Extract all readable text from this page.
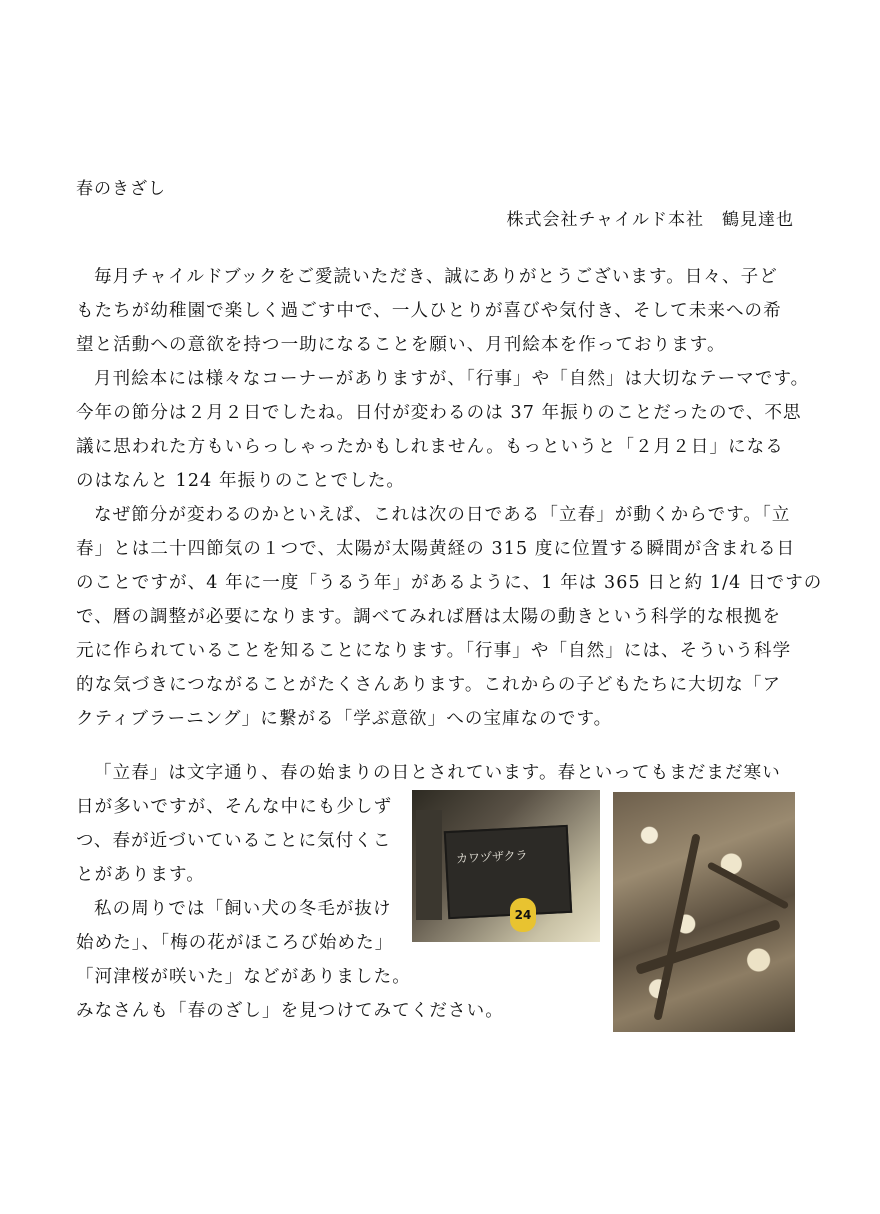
春のきざし
株式会社チャイルド本社　鶴見達也
毎月チャイルドブックをご愛読いただき、誠にありがとうございます。日々、子ど
もたちが幼稚園で楽しく過ごす中で、一人ひとりが喜びや気付き、そして未来への希
望と活動への意欲を持つ一助になることを願い、月刊絵本を作っております。
月刊絵本には様々なコーナーがありますが、「行事」や「自然」は大切なテーマです。
今年の節分は２月２日でしたね。日付が変わるのは 37 年振りのことだったので、不思
議に思われた方もいらっしゃったかもしれません。もっというと「２月２日」になる
のはなんと 124 年振りのことでした。
なぜ節分が変わるのかといえば、これは次の日である「立春」が動くからです。「立
春」とは二十四節気の１つで、太陽が太陽黄経の 315 度に位置する瞬間が含まれる日
のことですが、4 年に一度「うるう年」があるように、1 年は 365 日と約 1/4 日ですの
で、暦の調整が必要になります。調べてみれば暦は太陽の動きという科学的な根拠を
元に作られていることを知ることになります。「行事」や「自然」には、そういう科学
的な気づきにつながることがたくさんあります。これからの子どもたちに大切な「ア
クティブラーニング」に繋がる「学ぶ意欲」への宝庫なのです。
「立春」は文字通り、春の始まりの日とされています。春といってもまだまだ寒い
日が多いですが、そんな中にも少しず
つ、春が近づいていることに気付くこ
とがあります。
私の周りでは「飼い犬の冬毛が抜け
始めた」、「梅の花がほころび始めた」
「河津桜が咲いた」などがありました。
みなさんも「春のざし」を見つけてみてください。
カワヅザクラ
24
